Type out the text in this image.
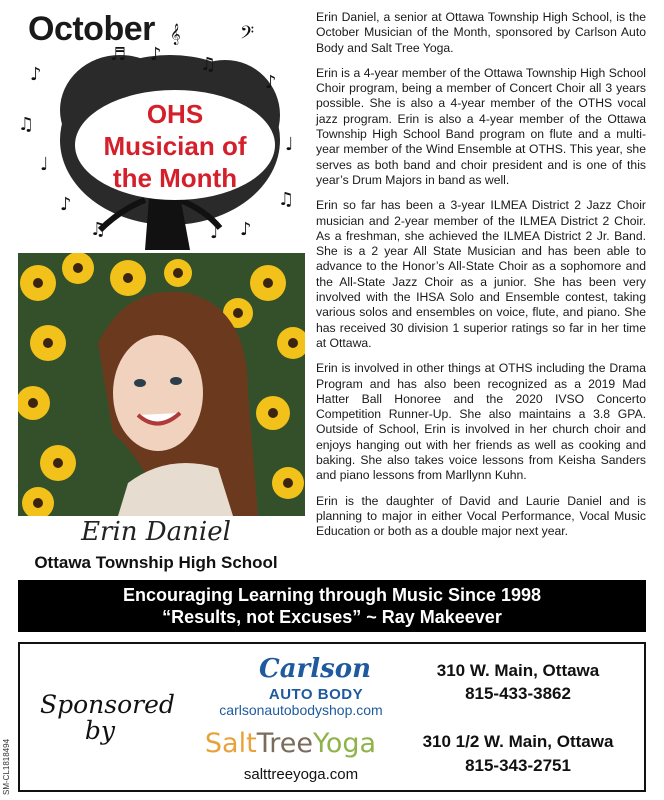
♪
♫
♩
𝄞	𝄢
♫
♪
♩
♫
♪
♩
♪
♫
♪
♬
October
OHS
Musician of
the Month
Erin Daniel
Ottawa Township High School

Erin Daniel, a senior at Ottawa Township High School, is the October Musician of the Month, sponsored by Carlson Auto Body and Salt Tree Yoga.

Erin is a 4-year member of the Ottawa Township High School Choir program, being a member of Concert Choir all 3 years possible. She is also a 4-year member of the OTHS vocal jazz program. Erin is also a 4-year member of the Ottawa Township High School Band program on flute and a multi-year member of the Wind Ensemble at OTHS. This year, she serves as both band and choir president and is one of this year’s Drum Majors in band as well.

Erin so far has been a 3-year ILMEA District 2 Jazz Choir musician and 2-year member of the ILMEA District 2 Choir. As a freshman, she achieved the ILMEA District 2 Jr. Band. She is a 2 year All State Musician and has been able to advance to the Honor’s All-State Choir as a sophomore and the All-State Jazz Choir as a junior. She has been very involved with the IHSA Solo and Ensemble contest, taking various solos and ensembles on voice, flute, and piano. She has received 30 division 1 superior ratings so far in her time at Ottawa.

Erin is involved in other things at OTHS including the Drama Program and has also been recognized as a 2019 Mad Hatter Ball Honoree and the 2020 IVSO Concerto Competition Runner-Up. She also maintains a 3.8 GPA. Outside of School, Erin is involved in her church choir and enjoys hanging out with her friends as well as cooking and baking. She also takes voice lessons from Keisha Sanders and piano lessons from Marllynn Kuhn.

Erin is the daughter of David and Laurie Daniel and is planning to major in either Vocal Performance, Vocal Music Education or both as a double major next year.

Encouraging Learning through Music Since 1998
“Results, not Excuses” ~ Ray Makeever
Sponsored
by
Carlson
AUTO BODY
carlsonautobodyshop.com
310 W. Main, Ottawa
815-433-3862
SaltTreeYoga
salttreeyoga.com
310 1/2 W. Main, Ottawa
815-343-2751
SM-CL1818494
